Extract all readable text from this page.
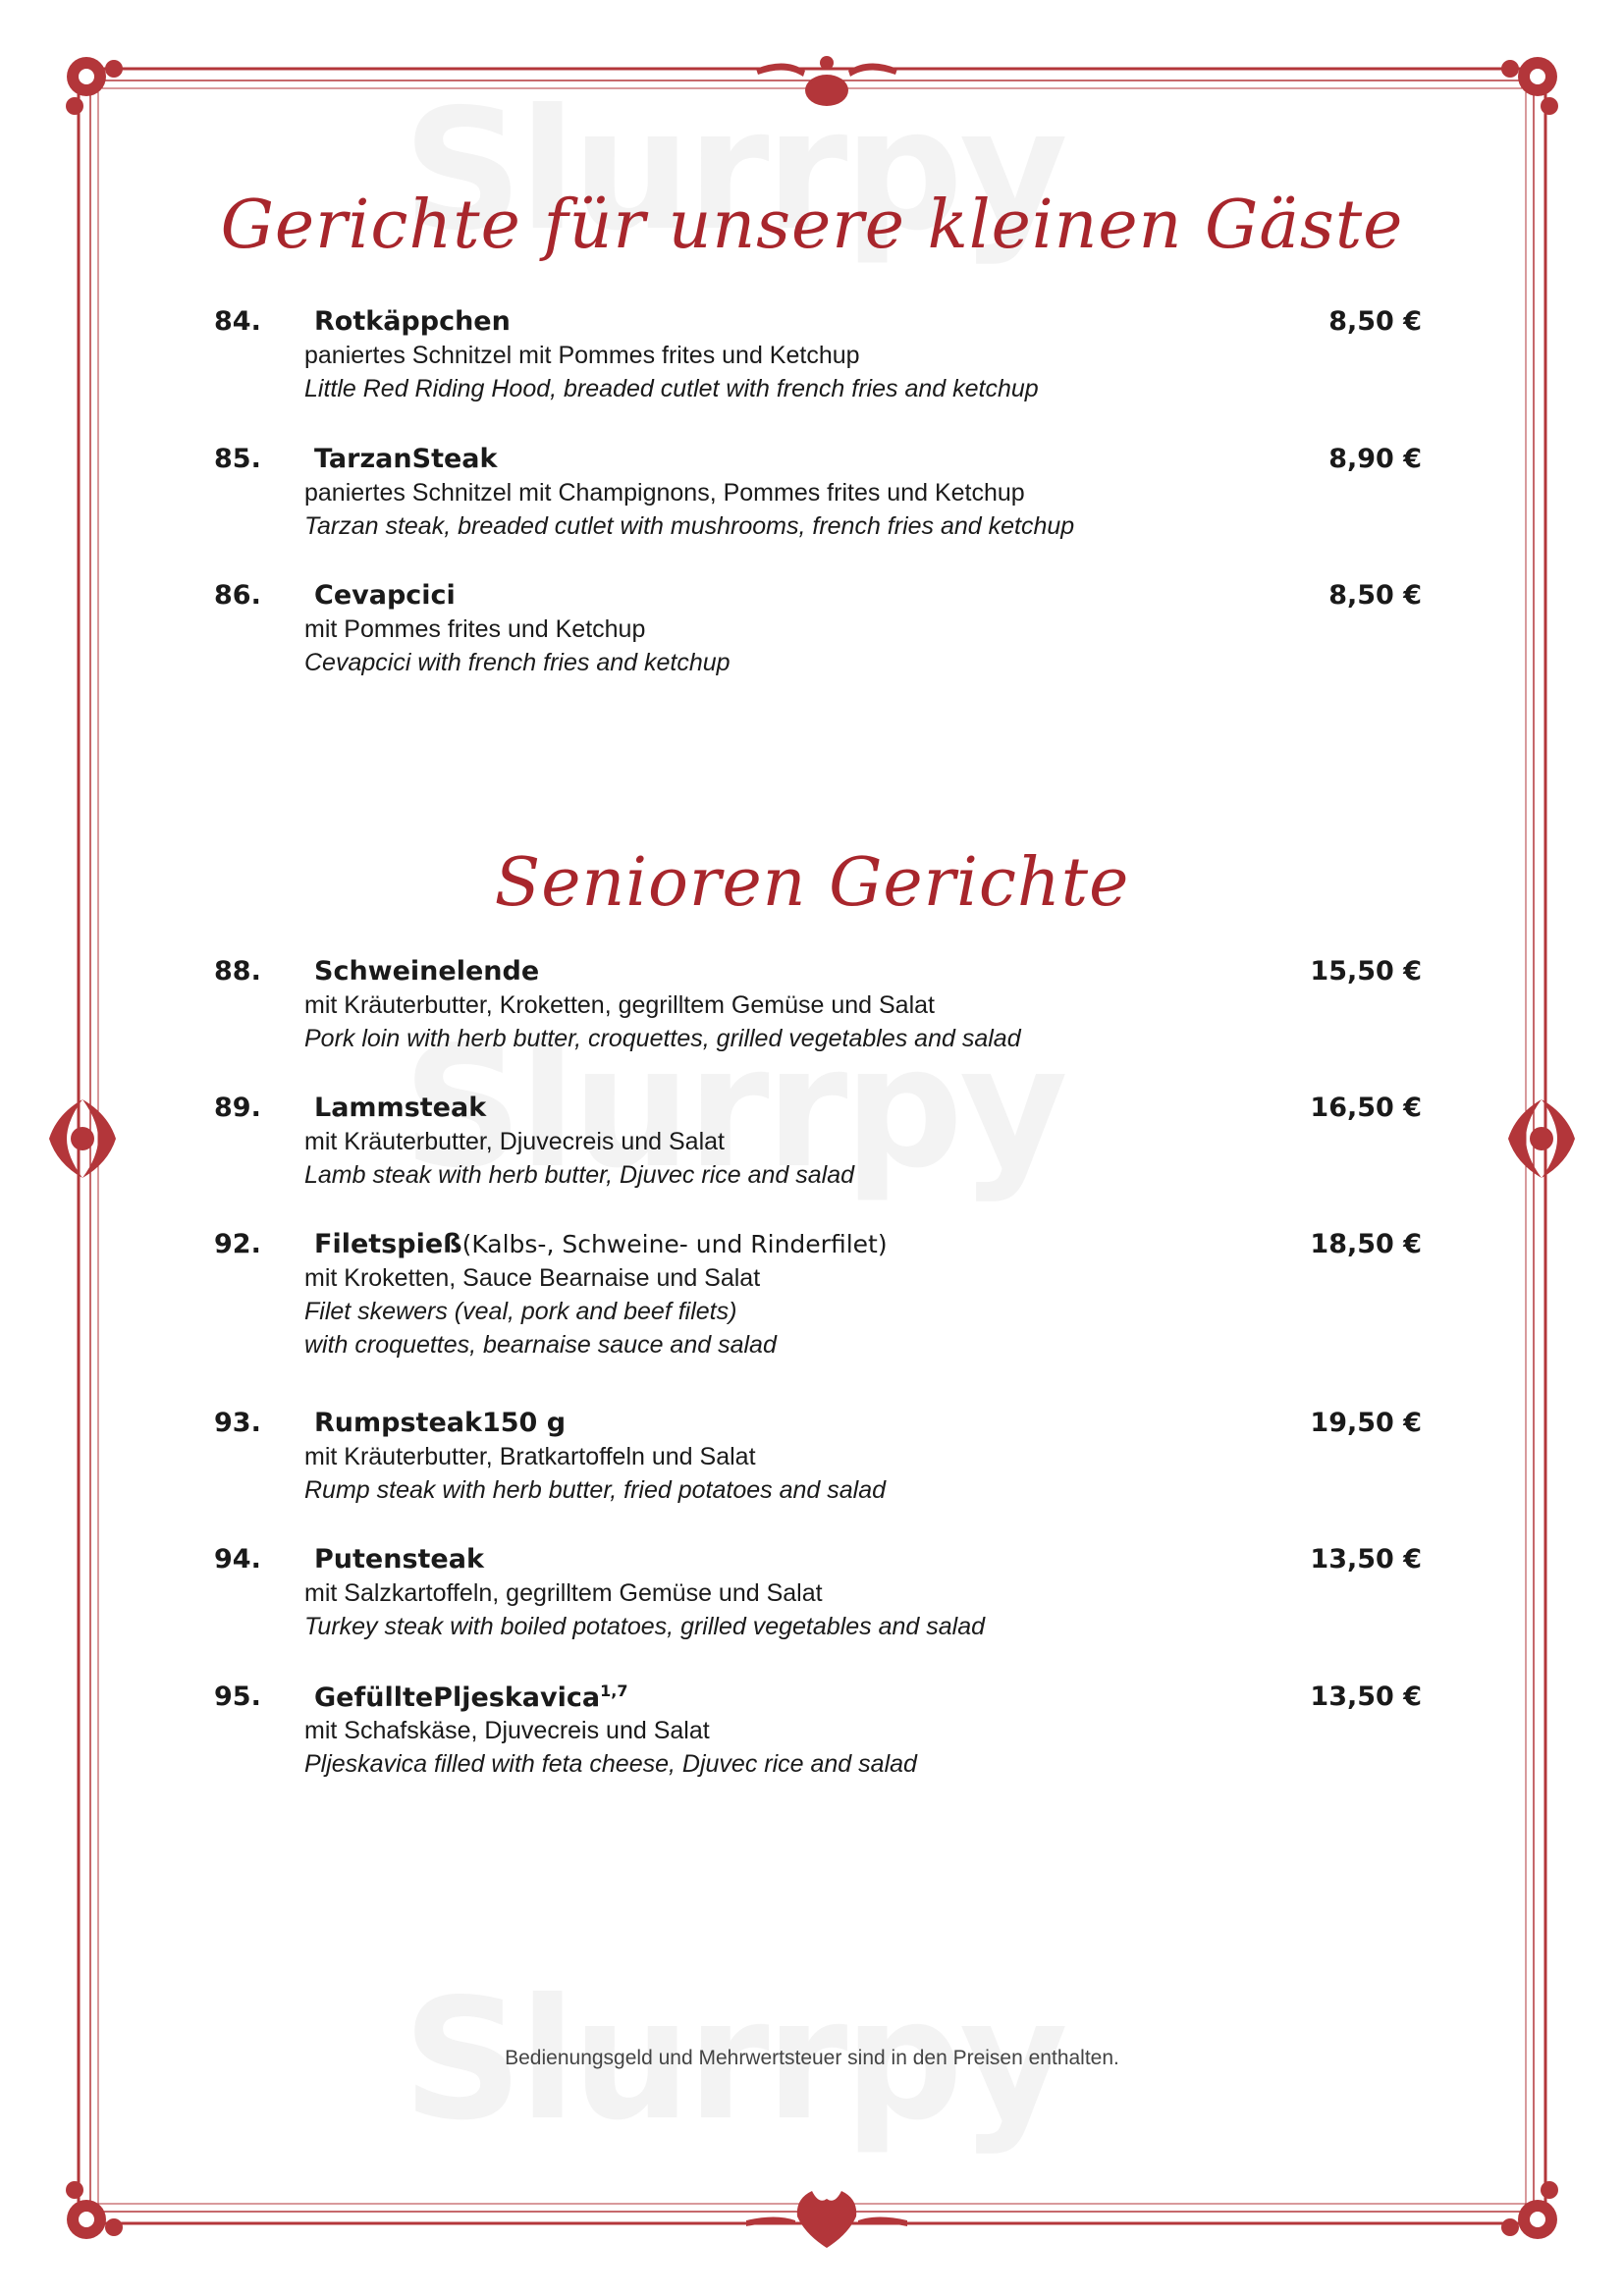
Gerichte für unsere kleinen Gäste
84. Rotkäppchen	8,50 €
paniertes Schnitzel mit Pommes frites und Ketchup
Little Red Riding Hood, breaded cutlet with french fries and ketchup
85. TarzanSteak	8,90 €
paniertes Schnitzel mit Champignons, Pommes frites und Ketchup
Tarzan steak, breaded cutlet with mushrooms, french fries and ketchup
86. Cevapcici	8,50 €
mit Pommes frites und Ketchup
Cevapcici with french fries and ketchup
Senioren Gerichte
88. Schweinelende	15,50 €
mit Kräuterbutter, Kroketten, gegrilltem Gemüse und Salat
Pork loin with herb butter, croquettes, grilled vegetables and salad
89. Lammsteak	16,50 €
mit Kräuterbutter, Djuvecreis und Salat
Lamb steak with herb butter, Djuvec rice and salad
92. Filetspieß(Kalbs-, Schweine- und Rinderfilet)	18,50 €
mit Kroketten, Sauce Bearnaise und Salat
Filet skewers (veal, pork and beef filets)
with croquettes, bearnaise sauce and salad
93. Rumpsteak150 g	19,50 €
mit Kräuterbutter, Bratkartoffeln und Salat
Rump steak with herb butter, fried potatoes and salad
94. Putensteak	13,50 €
mit Salzkartoffeln, gegrilltem Gemüse und Salat
Turkey steak with boiled potatoes, grilled vegetables and salad
95. GefülltePljeskavica$^{1,7}$	13,50 €
mit Schafskäse, Djuvecreis und Salat
Pljeskavica filled with feta cheese, Djuvec rice and salad
Bedienungsgeld und Mehrwertsteuer sind in den Preisen enthalten.
